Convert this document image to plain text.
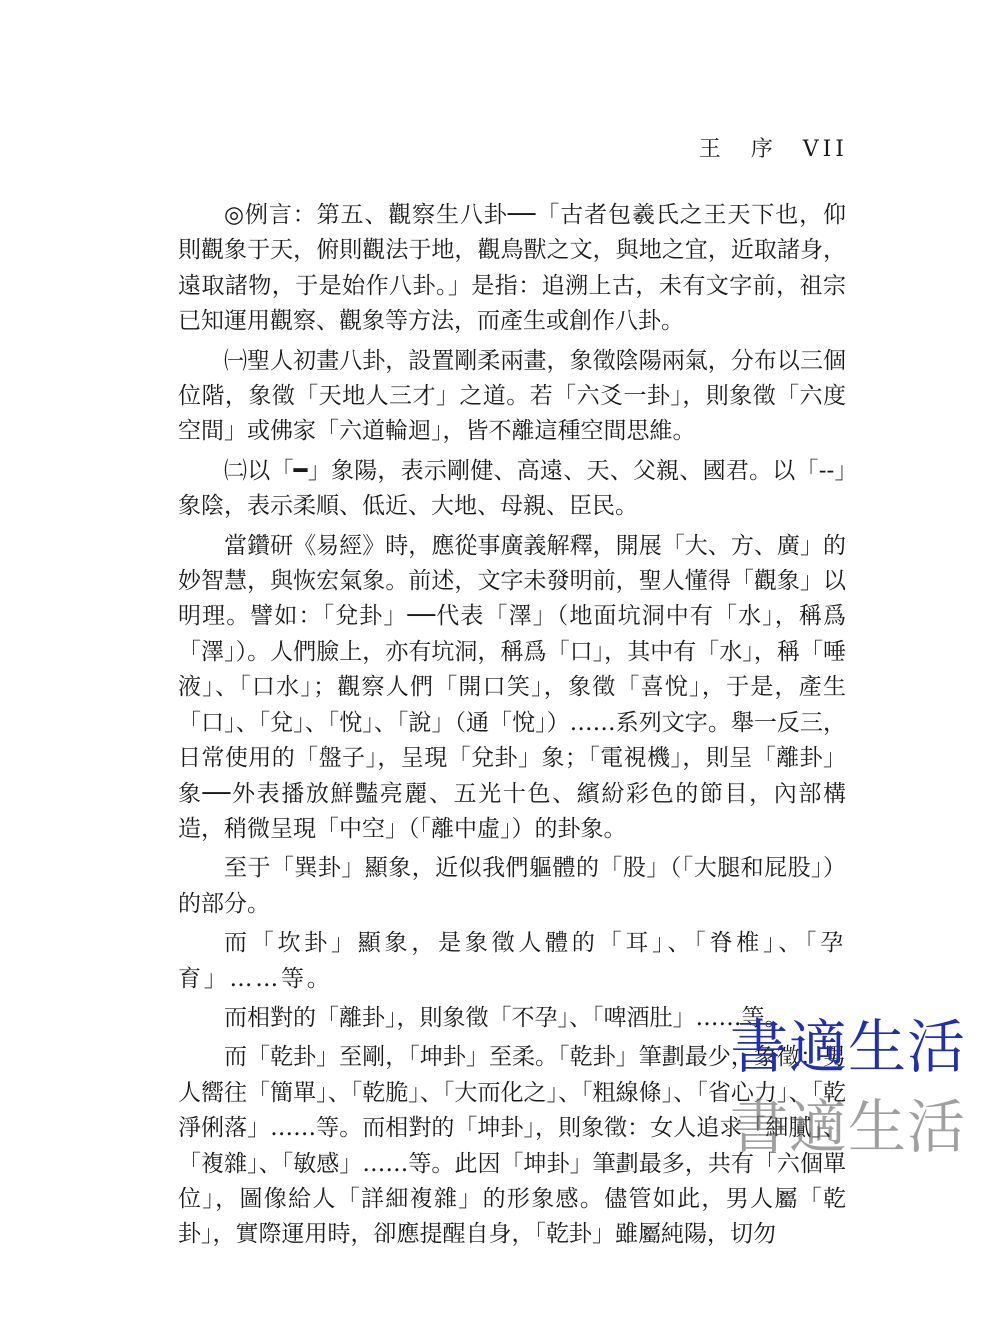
王　序　VII

◎例言：第五、觀察生八卦──「古者包羲氏之王天下也，仰則觀象于天，俯則觀法于地，觀鳥獸之文，與地之宜，近取諸身，遠取諸物，于是始作八卦。」是指：追溯上古，未有文字前，祖宗已知運用觀察、觀象等方法，而產生或創作八卦。

㈠聖人初畫八卦，設置剛柔兩畫，象徵陰陽兩氣，分布以三個位階，象徵「天地人三才」之道。若「六爻一卦」，則象徵「六度空間」或佛家「六道輪迴」，皆不離這種空間思維。

㈡以「━」象陽，表示剛健、高遠、天、父親、國君。以「--」象陰，表示柔順、低近、大地、母親、臣民。

當鑽研《易經》時，應從事廣義解釋，開展「大、方、廣」的妙智慧，與恢宏氣象。前述，文字未發明前，聖人懂得「觀象」以明理。譬如：「兌卦」──代表「澤」（地面坑洞中有「水」，稱爲「澤」）。人們臉上，亦有坑洞，稱爲「口」，其中有「水」，稱「唾液」、「口水」；觀察人們「開口笑」，象徵「喜悅」，于是，產生「口」、「兌」、「悅」、「說」（通「悅」）……系列文字。舉一反三，日常使用的「盤子」，呈現「兌卦」象；「電視機」，則呈「離卦」象──外表播放鮮豔亮麗、五光十色、繽紛彩色的節目，內部構造，稍微呈現「中空」（「離中虛」）的卦象。

至于「巽卦」顯象，近似我們軀體的「股」（「大腿和屁股」）的部分。

而「坎卦」顯象，是象徵人體的「耳」、「脊椎」、「孕育」……等。

而相對的「離卦」，則象徵「不孕」、「啤酒肚」……等。

而「乾卦」至剛，「坤卦」至柔。「乾卦」筆劃最少，象徵：男人嚮往「簡單」、「乾脆」、「大而化之」、「粗線條」、「省心力」、「乾淨俐落」……等。而相對的「坤卦」，則象徵：女人追求「細膩」、「複雜」、「敏感」……等。此因「坤卦」筆劃最多，共有「六個單位」，圖像給人「詳細複雜」的形象感。儘管如此，男人屬「乾卦」，實際運用時，卻應提醒自身，「乾卦」雖屬純陽，切勿

書適生活
書適生活
